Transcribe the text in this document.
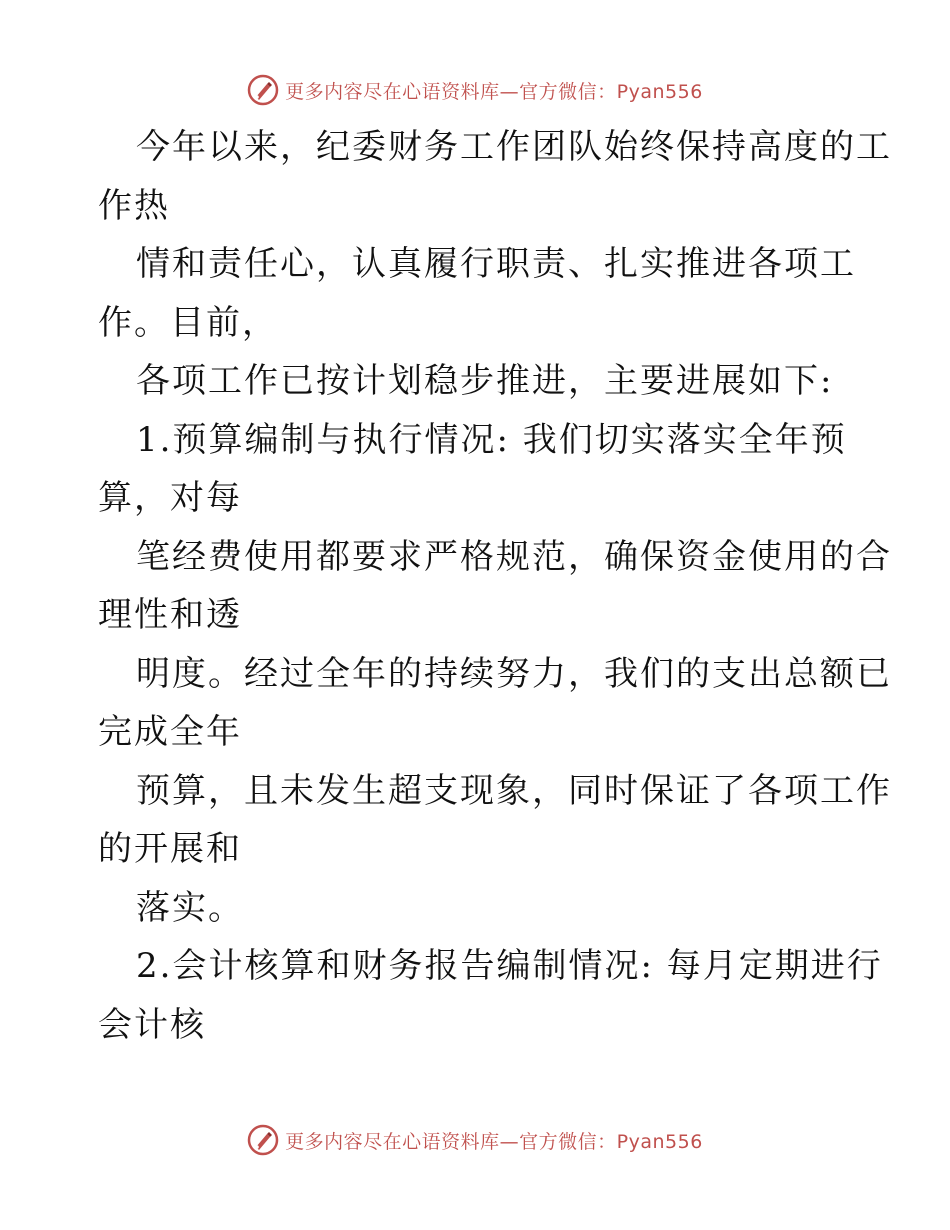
更多内容尽在心语资料库—官方微信：Pyan556
今年以来，纪委财务工作团队始终保持高度的工
作热
情和责任心，认真履行职责、扎实推进各项工
作。目前，
各项工作已按计划稳步推进，主要进展如下:
1.预算编制与执行情况: 我们切实落实全年预
算，对每
笔经费使用都要求严格规范，确保资金使用的合
理性和透
明度。经过全年的持续努力，我们的支出总额已
完成全年
预算，且未发生超支现象，同时保证了各项工作
的开展和
落实。
2.会计核算和财务报告编制情况: 每月定期进行
会计核
更多内容尽在心语资料库—官方微信：Pyan556
